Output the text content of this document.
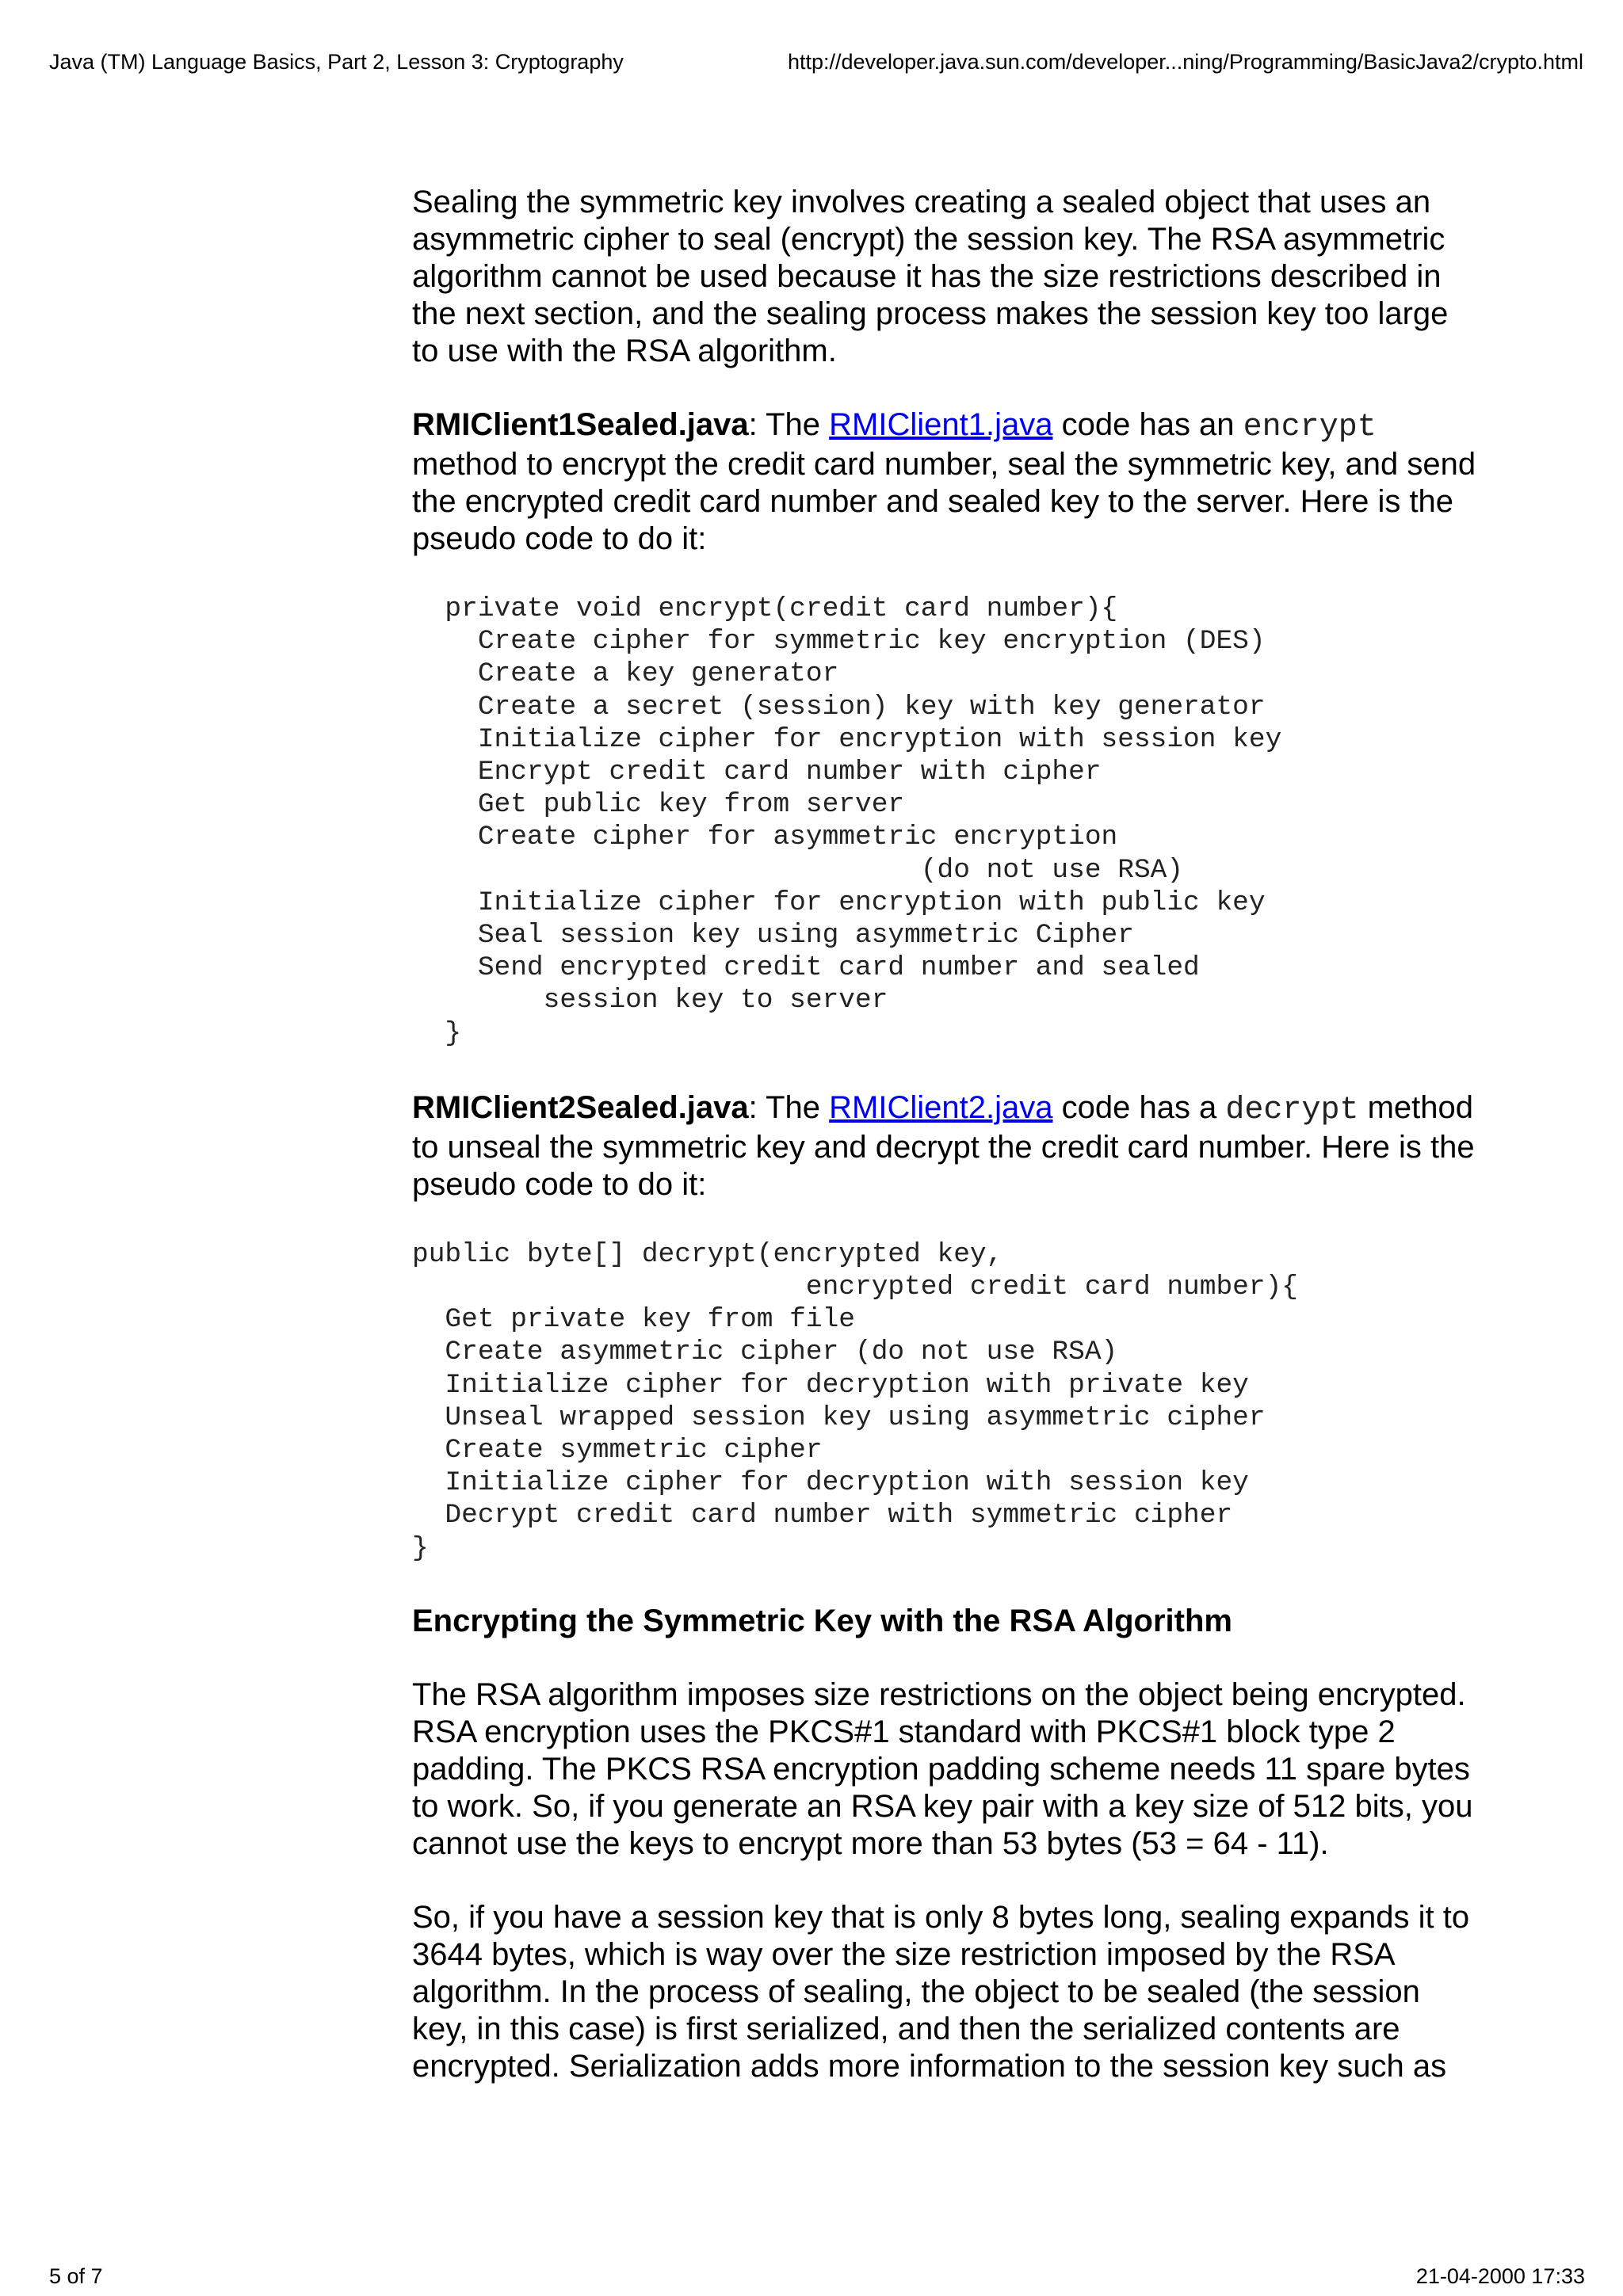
Java (TM) Language Basics, Part 2, Lesson 3: Cryptography	http://developer.java.sun.com/developer...ning/Programming/BasicJava2/crypto.html

Sealing the symmetric key involves creating a sealed object that uses an asymmetric cipher to seal (encrypt) the session key. The RSA asymmetric algorithm cannot be used because it has the size restrictions described in the next section, and the sealing process makes the session key too large to use with the RSA algorithm.

RMIClient1Sealed.java: The RMIClient1.java code has an encrypt method to encrypt the credit card number, seal the symmetric key, and send the encrypted credit card number and sealed key to the server. Here is the pseudo code to do it:

private void encrypt(credit card number){
Create cipher for symmetric key encryption (DES)
Create a key generator
Create a secret (session) key with key generator
Initialize cipher for encryption with session key
Encrypt credit card number with cipher
Get public key from server
Create cipher for asymmetric encryption
(do not use RSA)
Initialize cipher for encryption with public key
Seal session key using asymmetric Cipher
Send encrypted credit card number and sealed
session key to server
}

RMIClient2Sealed.java: The RMIClient2.java code has a decrypt method to unseal the symmetric key and decrypt the credit card number. Here is the pseudo code to do it:

public byte[] decrypt(encrypted key,
encrypted credit card number){
Get private key from file
Create asymmetric cipher (do not use RSA)
Initialize cipher for decryption with private key
Unseal wrapped session key using asymmetric cipher
Create symmetric cipher
Initialize cipher for decryption with session key
Decrypt credit card number with symmetric cipher
}
Encrypting the Symmetric Key with the RSA Algorithm

The RSA algorithm imposes size restrictions on the object being encrypted. RSA encryption uses the PKCS#1 standard with PKCS#1 block type 2 padding. The PKCS RSA encryption padding scheme needs 11 spare bytes to work. So, if you generate an RSA key pair with a key size of 512 bits, you cannot use the keys to encrypt more than 53 bytes (53 = 64 - 11).

So, if you have a session key that is only 8 bytes long, sealing expands it to 3644 bytes, which is way over the size restriction imposed by the RSA algorithm. In the process of sealing, the object to be sealed (the session key, in this case) is first serialized, and then the serialized contents are encrypted. Serialization adds more information to the session key such as

5 of 7	21-04-2000 17:33
